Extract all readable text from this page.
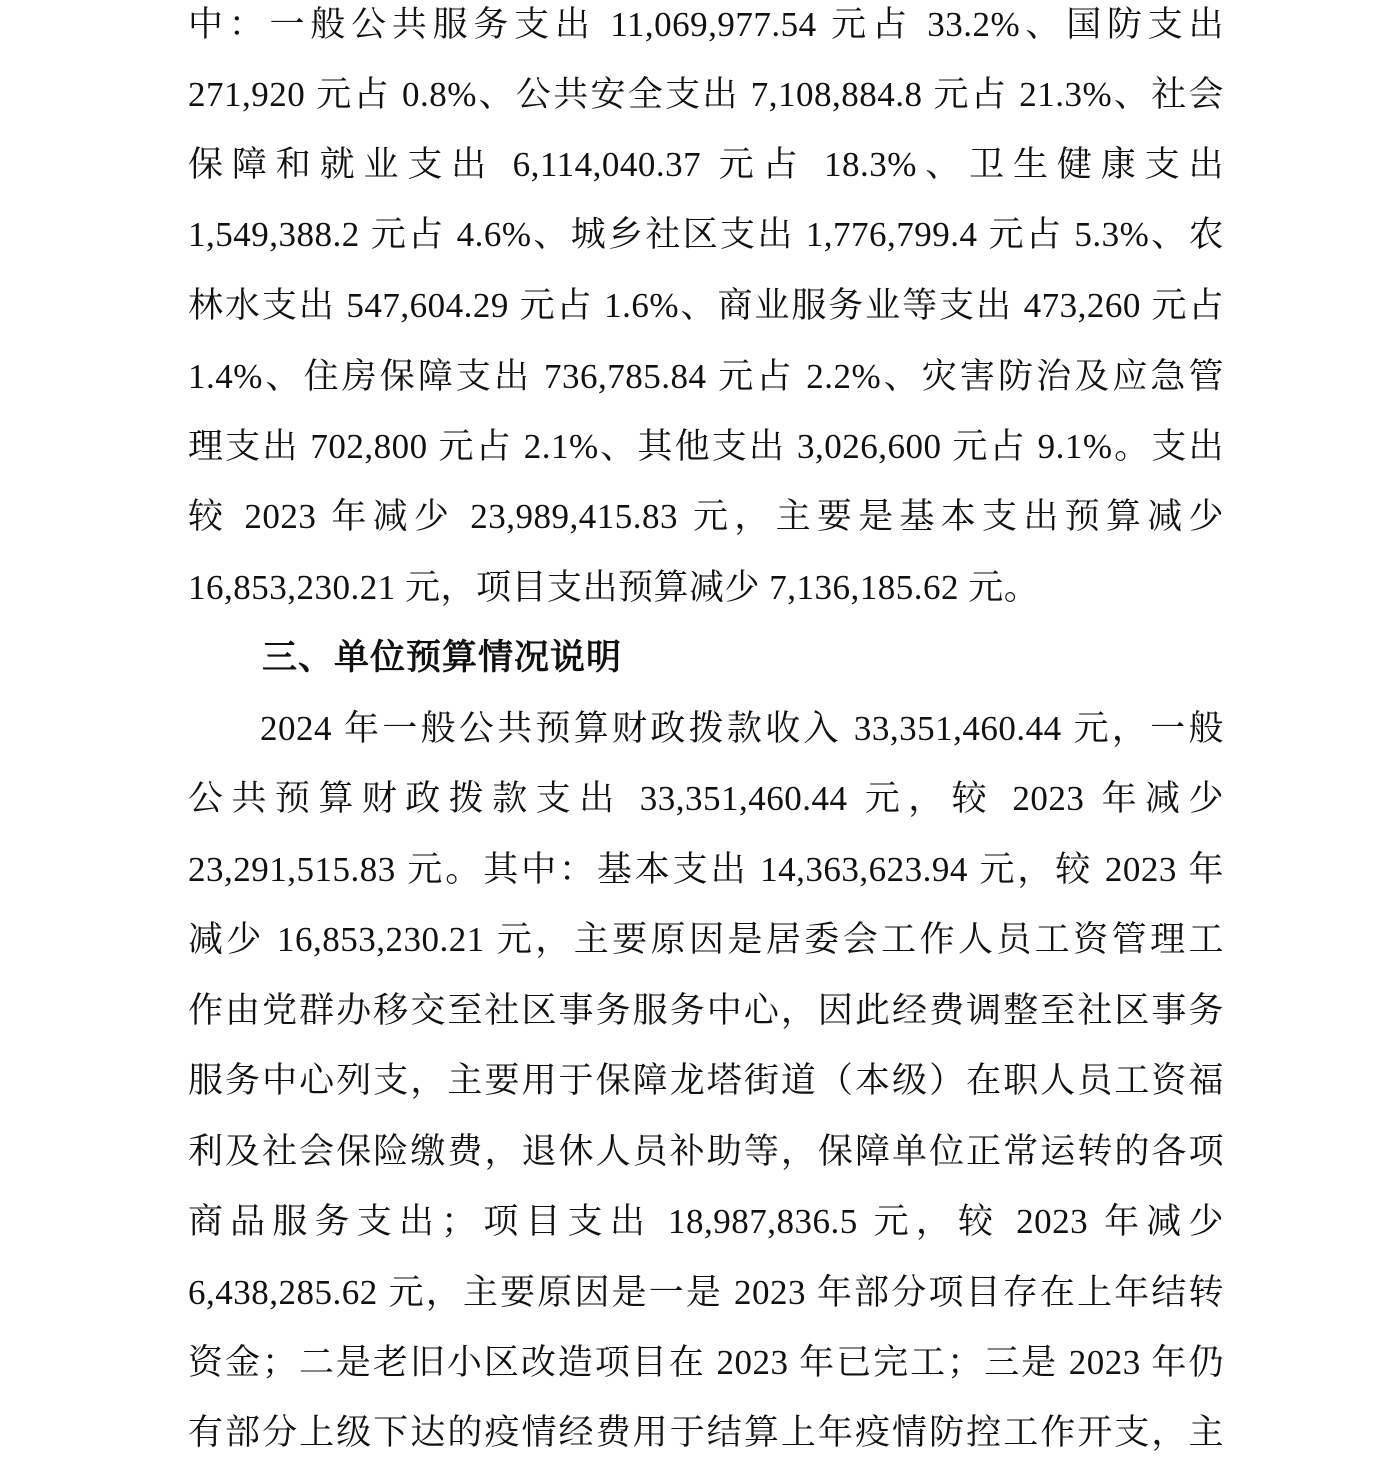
中：一般公共服务支出 11,069,977.54 元占 33.2%、国防支出
271,920 元占 0.8%、公共安全支出 7,108,884.8 元占 21.3%、社会
保障和就业支出 6,114,040.37 元占 18.3%、卫生健康支出
1,549,388.2 元占 4.6%、城乡社区支出 1,776,799.4 元占 5.3%、农
林水支出 547,604.29 元占 1.6%、商业服务业等支出 473,260 元占
1.4%、住房保障支出 736,785.84 元占 2.2%、灾害防治及应急管
理支出 702,800 元占 2.1%、其他支出 3,026,600 元占 9.1%。支出
较 2023 年减少 23,989,415.83 元，主要是基本支出预算减少
16,853,230.21 元，项目支出预算减少 7,136,185.62 元。
三、单位预算情况说明
2024 年一般公共预算财政拨款收入 33,351,460.44 元，一般
公共预算财政拨款支出 33,351,460.44 元，较 2023 年减少
23,291,515.83 元。其中：基本支出 14,363,623.94 元，较 2023 年
减少 16,853,230.21 元，主要原因是居委会工作人员工资管理工
作由党群办移交至社区事务服务中心，因此经费调整至社区事务
服务中心列支，主要用于保障龙塔街道（本级）在职人员工资福
利及社会保险缴费，退休人员补助等，保障单位正常运转的各项
商品服务支出；项目支出 18,987,836.5 元，较 2023 年减少
6,438,285.62 元，主要原因是一是 2023 年部分项目存在上年结转
资金；二是老旧小区改造项目在 2023 年已完工；三是 2023 年仍
有部分上级下达的疫情经费用于结算上年疫情防控工作开支，主
